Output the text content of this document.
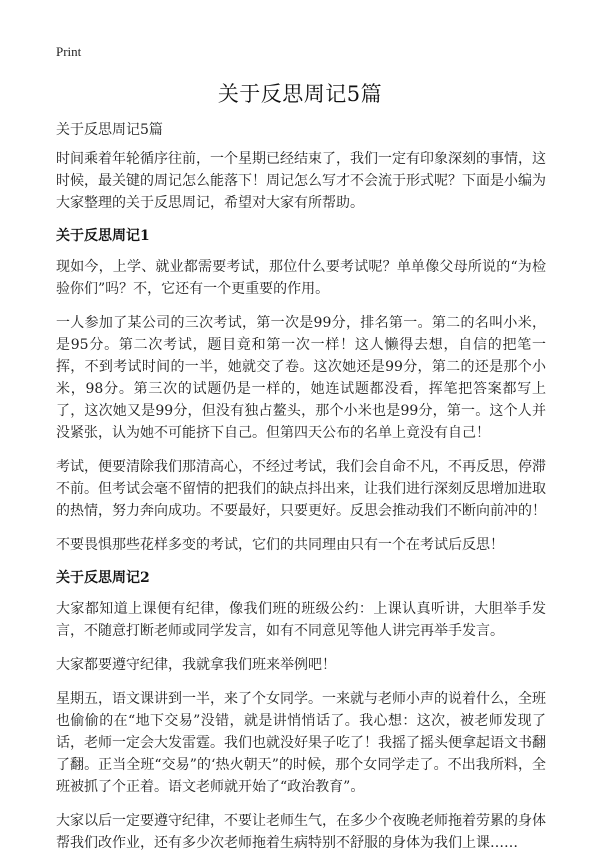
Print
关于反思周记5篇
关于反思周记5篇

时间乘着年轮循序往前，一个星期已经结束了，我们一定有印象深刻的事情，这时候，最关键的周记怎么能落下！周记怎么写才不会流于形式呢？下面是小编为大家整理的关于反思周记，希望对大家有所帮助。

关于反思周记1

现如今，上学、就业都需要考试，那位什么要考试呢？单单像父母所说的“为检验你们”吗？不，它还有一个更重要的作用。

一人参加了某公司的三次考试，第一次是99分，排名第一。第二的名叫小米，是95分。第二次考试，题目竟和第一次一样！这人懒得去想，自信的把笔一挥，不到考试时间的一半，她就交了卷。这次她还是99分，第二的还是那个小米，98分。第三次的试题仍是一样的，她连试题都没看，挥笔把答案都写上了，这次她又是99分，但没有独占鳌头，那个小米也是99分，第一。这个人并没紧张，认为她不可能挤下自己。但第四天公布的名单上竟没有自己！

考试，便要清除我们那清高心，不经过考试，我们会自命不凡，不再反思，停滞不前。但考试会毫不留情的把我们的缺点抖出来，让我们进行深刻反思增加进取的热情，努力奔向成功。不要最好，只要更好。反思会推动我们不断向前冲的！

不要畏惧那些花样多变的考试，它们的共同理由只有一个在考试后反思！

关于反思周记2

大家都知道上课便有纪律，像我们班的班级公约：上课认真听讲，大胆举手发言，不随意打断老师或同学发言，如有不同意见等他人讲完再举手发言。

大家都要遵守纪律，我就拿我们班来举例吧！

星期五，语文课讲到一半，来了个女同学。一来就与老师小声的说着什么，全班也偷偷的在“地下交易”没错，就是讲悄悄话了。我心想：这次，被老师发现了话，老师一定会大发雷霆。我们也就没好果子吃了！我摇了摇头便拿起语文书翻了翻。正当全班“交易”的‘热火朝天”的时候，那个女同学走了。不出我所料，全班被抓了个正着。语文老师就开始了“政治教育”。

大家以后一定要遵守纪律，不要让老师生气，在多少个夜晚老师拖着劳累的身体帮我们改作业，还有多少次老师拖着生病特别不舒服的身体为我们上课……
